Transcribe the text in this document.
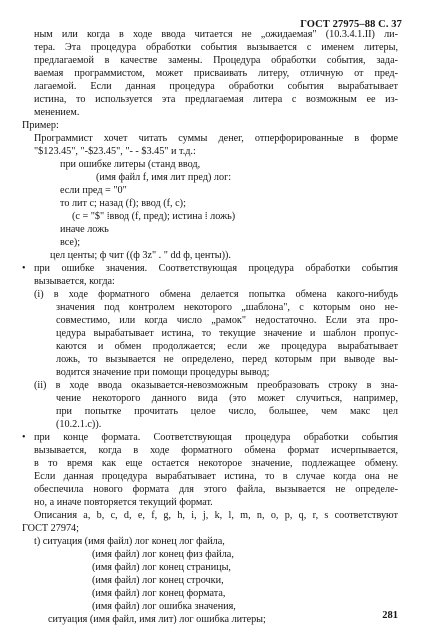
ГОСТ 27975–88 С. 37
ным или когда в ходе ввода читается не „ожидаемая" (10.3.4.1.II) ли-
тера. Эта процедура обработки события вызывается с именем литеры,
предлагаемой в качестве замены. Процедура обработки события, зада-
ваемая программистом, может присваивать литеру, отличную от пред-
лагаемой. Если данная процедура обработки события вырабатывает
истина, то используется эта предлагаемая литера с возможным ее из-
менением.
Пример:
Программист хочет читать суммы денег, отперфорированные в форме
"$123.45", "-$23.45", "- - $3.45" и т.д.:
при ошибке литеры (станд ввод,
(имя файл f, имя лит пред) лог:
если пред = "0"
то лит с; назад (f); ввод (f, c);
(c = "$" ⁞ввод (f, пред); истина ⁞ ложь)
иначе ложь
все);
цел центы; ф чит ((ф 3z" . " dd ф, центы)).
при ошибке значения. Соответствующая процедура обработки события
вызывается, когда:
(i) в ходе форматного обмена делается попытка обмена какого-нибудь
значения под контролем некоторого „шаблона", с которым оно не-
совместимо, или когда число „рамок" недостаточно. Если эта про-
цедура вырабатывает истина, то текущие значение и шаблон пропус-
каются и обмен продолжается; если же процедура вырабатывает
ложь, то вызывается не определено, перед которым при выводе вы-
водится значение при помощи процедуры вывод;
(ii) в ходе ввода оказывается-невозможным преобразовать строку в зна-
чение некоторого данного вида (это может случиться, например,
при попытке прочитать целое число, большее, чем макс цел
(10.2.1.c)).
при конце формата. Соответствующая процедура обработки события
вызывается, когда в ходе форматного обмена формат исчерпывается,
в то время как еще остается некоторое значение, подлежащее обмену.
Если данная процедура вырабатывает истина, то в случае когда она не
обеспечила нового формата для этого файла, вызывается не определе-
но, а иначе повторяется текущий формат.
Описания a, b, c, d, e, f, g, h, i, j, k, l, m, n, o, p, q, r, s соответствуют
ГОСТ 27974;
t) ситуация (имя файл) лог конец лог файла,
(имя файл) лог конец физ файла,
(имя файл) лог конец страницы,
(имя файл) лог конец строчки,
(имя файл) лог конец формата,
(имя файл) лог ошибка значения,
ситуация (имя файл, имя лит) лог ошибка литеры;
•
•
281
